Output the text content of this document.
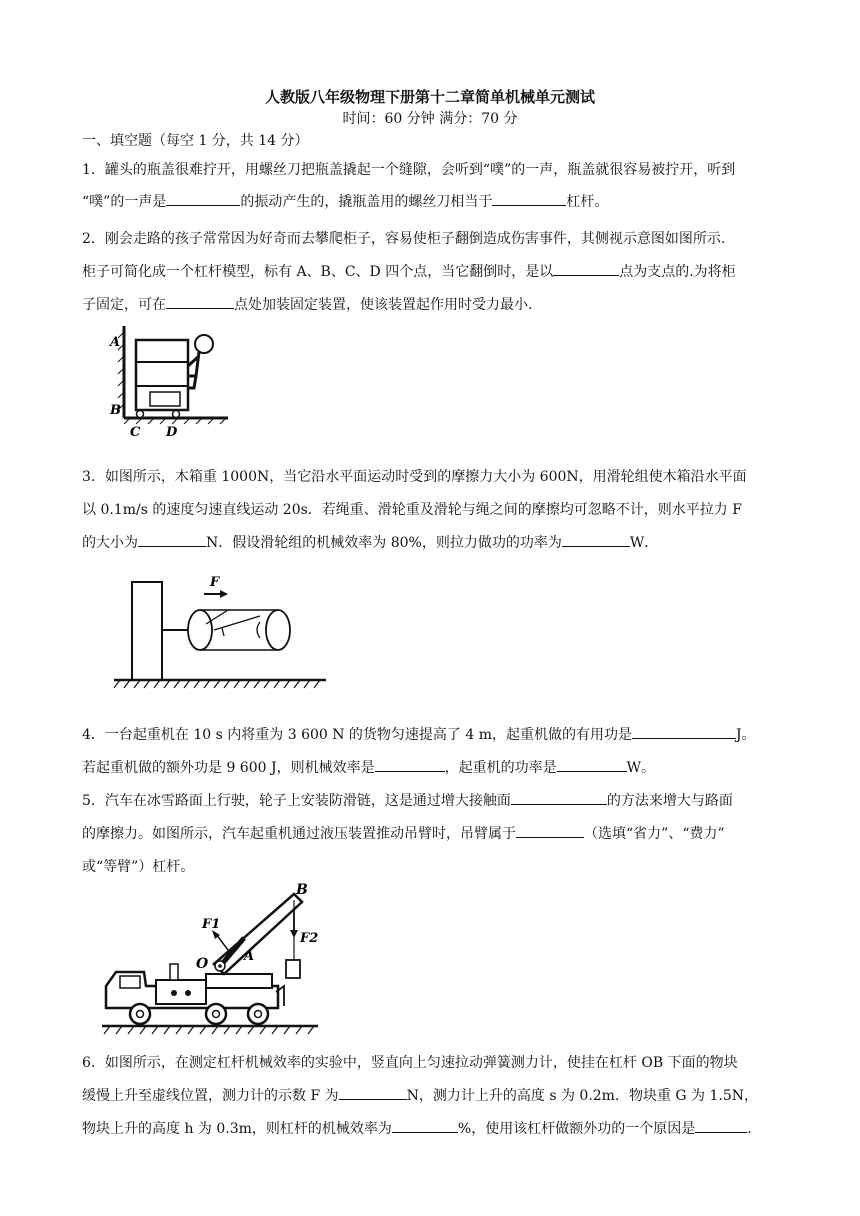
人教版八年级物理下册第十二章简单机械单元测试
时间：60 分钟 满分：70 分
一、填空题（每空 1 分，共 14 分）
1．罐头的瓶盖很难拧开，用螺丝刀把瓶盖撬起一个缝隙，会听到“噗”的一声，瓶盖就很容易被拧开，听到
“噗”的一声是	的振动产生的，撬瓶盖用的螺丝刀相当于	杠杆。
2．刚会走路的孩子常常因为好奇而去攀爬柜子，容易使柜子翻倒造成伤害事件，其侧视示意图如图所示.
柜子可简化成一个杠杆模型，标有 A、B、C、D 四个点，当它翻倒时，是以	点为支点的.为将柜
子固定，可在	点处加装固定装置，使该装置起作用时受力最小.
A
B
C D
3．如图所示，木箱重 1000N，当它沿水平面运动时受到的摩擦力大小为 600N，用滑轮组使木箱沿水平面
以 0.1m/s 的速度匀速直线运动 20s．若绳重、滑轮重及滑轮与绳之间的摩擦均可忽略不计，则水平拉力 F
的大小为	N．假设滑轮组的机械效率为 80%，则拉力做功的功率为	W．
F
4．一台起重机在 10 s 内将重为 3 600 N 的货物匀速提高了 4 m，起重机做的有用功是	J。
若起重机做的额外功是 9 600 J，则机械效率是	，起重机的功率是	W。
5．汽车在冰雪路面上行驶，轮子上安装防滑链，这是通过增大接触面	的方法来增大与路面
的摩擦力。如图所示，汽车起重机通过液压装置推动吊臂时，吊臂属于	（选填“省力”、“费力”
或“等臂”）杠杆。
B
F1
F2
O	A
6．如图所示，在测定杠杆机械效率的实验中，竖直向上匀速拉动弹簧测力计，使挂在杠杆 OB 下面的物块
缓慢上升至虚线位置，测力计的示数 F 为	N，测力计上升的高度 s 为 0.2m．物块重 G 为 1.5N，
物块上升的高度 h 为 0.3m，则杠杆的机械效率为	%，使用该杠杆做额外功的一个原因是	.
